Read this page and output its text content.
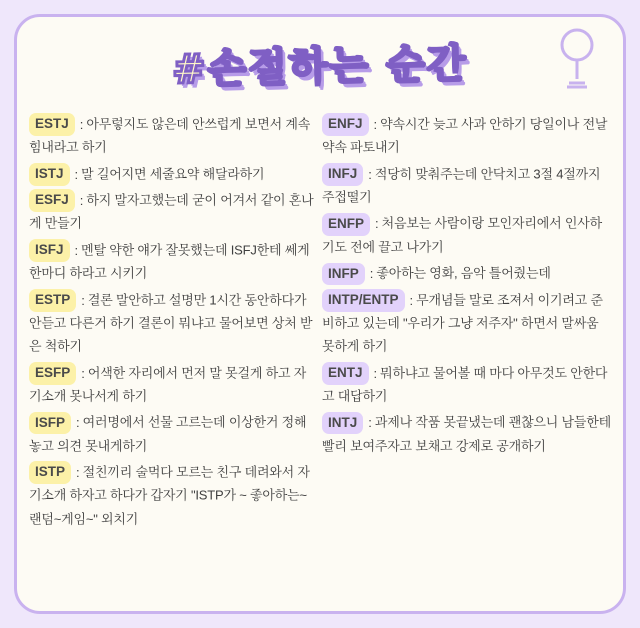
#손절하는 순간
ESTJ : 아무렇지도 않은데 안쓰럽게 보면서 계속 힘내라고 하기
ISTJ : 말 길어지면 세줄요약 해달라하기
ESFJ : 하지 말자고했는데 굳이 어겨서 같이 혼나게 만들기
ISFJ : 멘탈 약한 얘가 잘못했는데 ISFJ한테 쎄게한마디 하라고 시키기
ESTP : 결론 말안하고 설명만 1시간 동안하다가안듣고 다른거 하기 결론이 뭐냐고 물어보면 상처 받은 척하기
ESFP : 어색한 자리에서 먼저 말 못걸게 하고 자기소개 못나서게 하기
ISFP : 여러명에서 선물 고르는데 이상한거 정해놓고 의견 못내게하기
ISTP : 절친끼리 술먹다 모르는 친구 데려와서 자기소개 하자고 하다가 갑자기 "ISTP가 ~ 좋아하는~랜덤~게임~" 외치기
ENFJ : 약속시간 늦고 사과 안하기 당일이나 전날약속 파토내기
INFJ : 적당히 맞춰주는데 안닥치고 3절 4절까지 주접떨기
ENFP : 처음보는 사람이랑 모인자리에서 인사하기도 전에 끌고 나가기
INFP : 좋아하는 영화, 음악 틀어줬는데
INTP/ENTP : 무개념들 말로 조져서 이기려고 준비하고 있는데 "우리가 그냥 저주자" 하면서 말싸움 못하게 하기
ENTJ : 뭐하냐고 물어볼 때 마다 아무것도 안한다고 대답하기
INTJ : 과제나 작품 못끝냈는데 괜찮으니 남들한테 빨리 보여주자고 보채고 강제로 공개하기
